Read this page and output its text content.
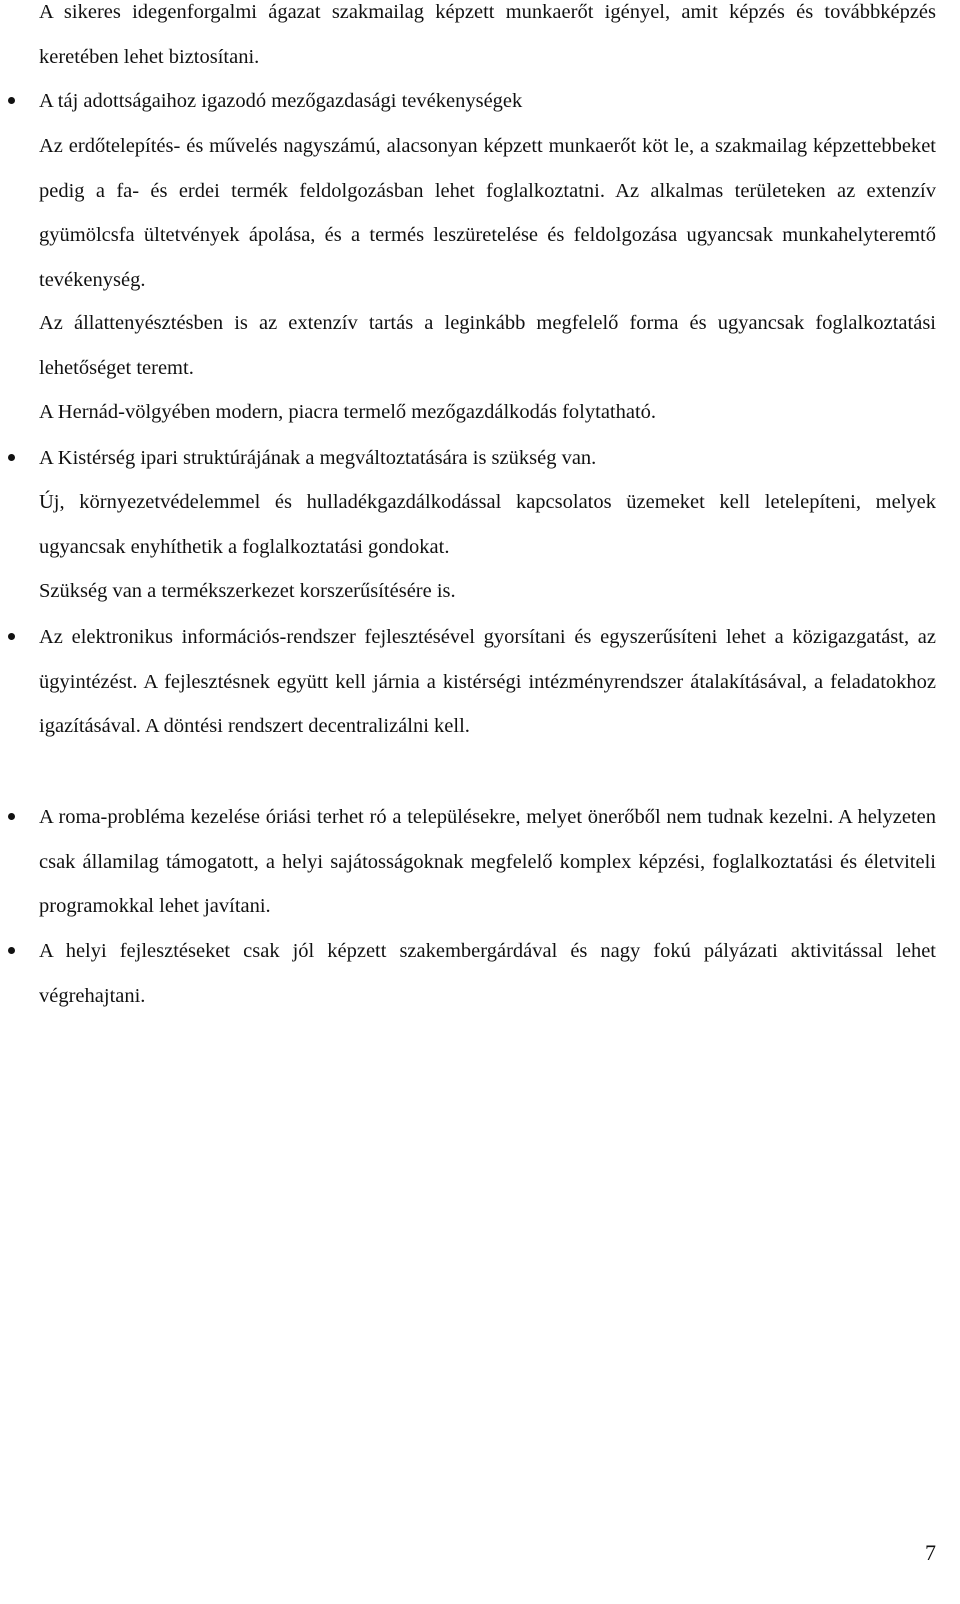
A sikeres idegenforgalmi ágazat szakmailag képzett munkaerőt igényel, amit képzés és továbbképzés keretében lehet biztosítani.

A táj adottságaihoz igazodó mezőgazdasági tevékenységek

Az erdőtelepítés- és művelés nagyszámú, alacsonyan képzett munkaerőt köt le, a szakmailag képzettebbeket pedig a fa- és erdei termék feldolgozásban lehet foglalkoztatni. Az alkalmas területeken az extenzív gyümölcsfa ültetvények ápolása, és a termés leszüretelése és feldolgozása ugyancsak munkahelyteremtő tevékenység.

Az állattenyésztésben is az extenzív tartás a leginkább megfelelő forma és ugyancsak foglalkoztatási lehetőséget teremt.

A Hernád-völgyében modern, piacra termelő mezőgazdálkodás folytatható.

A Kistérség ipari struktúrájának a megváltoztatására is szükség van.

Új, környezetvédelemmel és hulladékgazdálkodással kapcsolatos üzemeket kell letelepíteni, melyek ugyancsak enyhíthetik a foglalkoztatási gondokat.

Szükség van a termékszerkezet korszerűsítésére is.

Az elektronikus információs-rendszer fejlesztésével gyorsítani és egyszerűsíteni lehet a közigazgatást, az ügyintézést. A fejlesztésnek együtt kell járnia a kistérségi intézményrendszer átalakításával, a feladatokhoz igazításával. A döntési rendszert decentralizálni kell.

A roma-probléma kezelése óriási terhet ró a településekre, melyet önerőből nem tudnak kezelni. A helyzeten csak államilag támogatott, a helyi sajátosságoknak megfelelő komplex képzési, foglalkoztatási és életviteli programokkal lehet javítani.

A helyi fejlesztéseket csak jól képzett szakembergárdával és nagy fokú pályázati aktivitással lehet végrehajtani.

7
